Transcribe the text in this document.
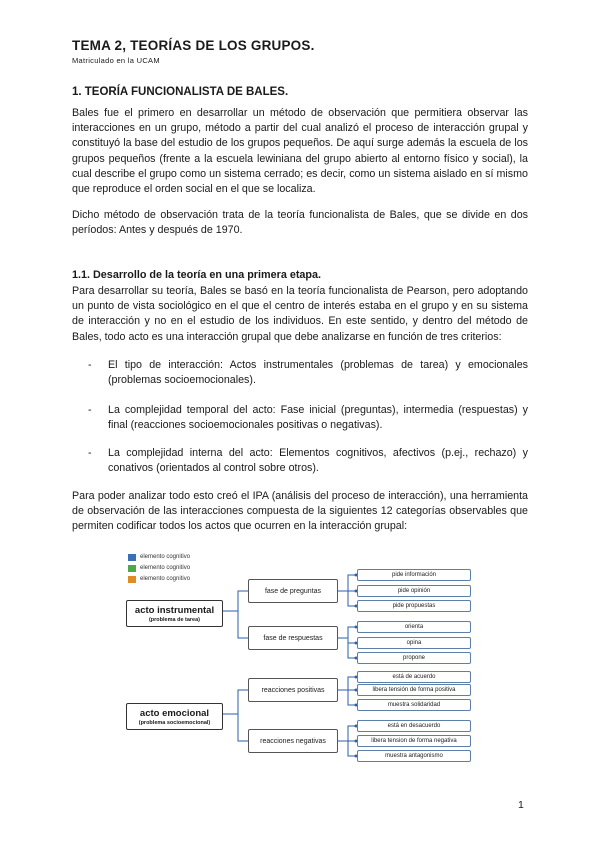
TEMA 2, TEORÍAS DE LOS GRUPOS.
Matriculado en la UCAM
1. TEORÍA FUNCIONALISTA DE BALES.
Bales fue el primero en desarrollar un método de observación que permitiera observar las interacciones en un grupo, método a partir del cual analizó el proceso de interacción grupal y constituyó la base del estudio de los grupos pequeños. De aquí surge además la escuela de los grupos pequeños (frente a la escuela lewiniana del grupo abierto al entorno físico y social), la cual describe el grupo como un sistema cerrado; es decir, como un sistema aislado en sí mismo que reproduce el orden social en el que se localiza.
Dicho método de observación trata de la teoría funcionalista de Bales, que se divide en dos períodos: Antes y después de 1970.
1.1. Desarrollo de la teoría en una primera etapa.
Para desarrollar su teoría, Bales se basó en la teoría funcionalista de Pearson, pero adoptando un punto de vista sociológico en el que el centro de interés estaba en el grupo y en su sistema de interacción y no en el estudio de los individuos. En este sentido, y dentro del método de Bales, todo acto es una interacción grupal que debe analizarse en función de tres criterios:
- El tipo de interacción: Actos instrumentales (problemas de tarea) y emocionales (problemas socioemocionales).
- La complejidad temporal del acto: Fase inicial (preguntas), intermedia (respuestas) y final (reacciones socioemocionales positivas o negativas).
- La complejidad interna del acto: Elementos cognitivos, afectivos (p.ej., rechazo) y conativos (orientados al control sobre otros).
Para poder analizar todo esto creó el IPA (análisis del proceso de interacción), una herramienta de observación de las interacciones compuesta de la siguientes 12 categorías observables que permiten codificar todos los actos que ocurren en la interacción grupal:
elemento cognitivo
elemento cognitivo
elemento cognitivo
acto instrumental
(problema de tarea)
acto emocional
(problema socioemocional)
fase de preguntas
fase de respuestas
reacciones positivas
reacciones negativas
pide información
pide opinión
pide propuestas
orienta
opina
propone
está de acuerdo
libera tensión de forma positiva
muestra solidaridad
está en desacuerdo
libera tension de forma negativa
muestra antagonismo
1
